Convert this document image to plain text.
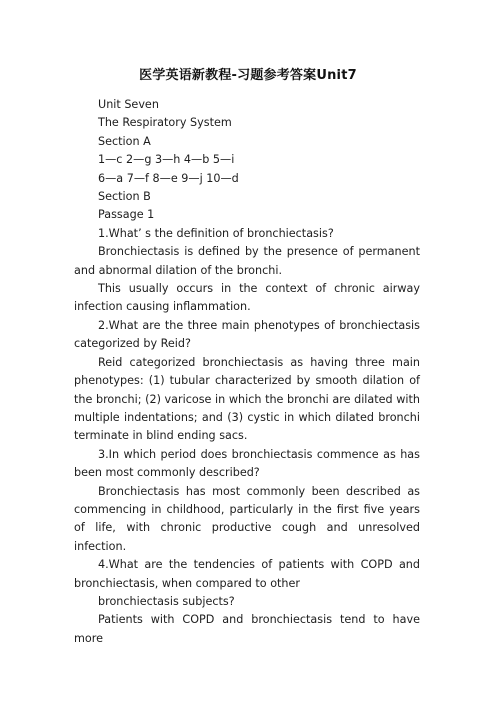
医学英语新教程-习题参考答案Unit7
Unit Seven
The Respiratory System
Section A
1—c 2—g 3—h 4—b 5—i
6—a 7—f 8—e 9—j 10—d
Section B
Passage 1
1.What’ s the definition of bronchiectasis?
Bronchiectasis is defined by the presence of permanent and abnormal dilation of the bronchi.
This usually occurs in the context of chronic airway infection causing inflammation.
2.What are the three main phenotypes of bronchiectasis categorized by Reid?
Reid categorized bronchiectasis as having three main phenotypes: (1) tubular characterized by smooth dilation of the bronchi; (2) varicose in which the bronchi are dilated with multiple indentations; and (3) cystic in which dilated bronchi terminate in blind ending sacs.
3.In which period does bronchiectasis commence as has been most commonly described?
Bronchiectasis has most commonly been described as commencing in childhood, particularly in the first five years of life, with chronic productive cough and unresolved infection.
4.What are the tendencies of patients with COPD and bronchiectasis, when compared to other
bronchiectasis subjects?
Patients with COPD and bronchiectasis tend to have more
